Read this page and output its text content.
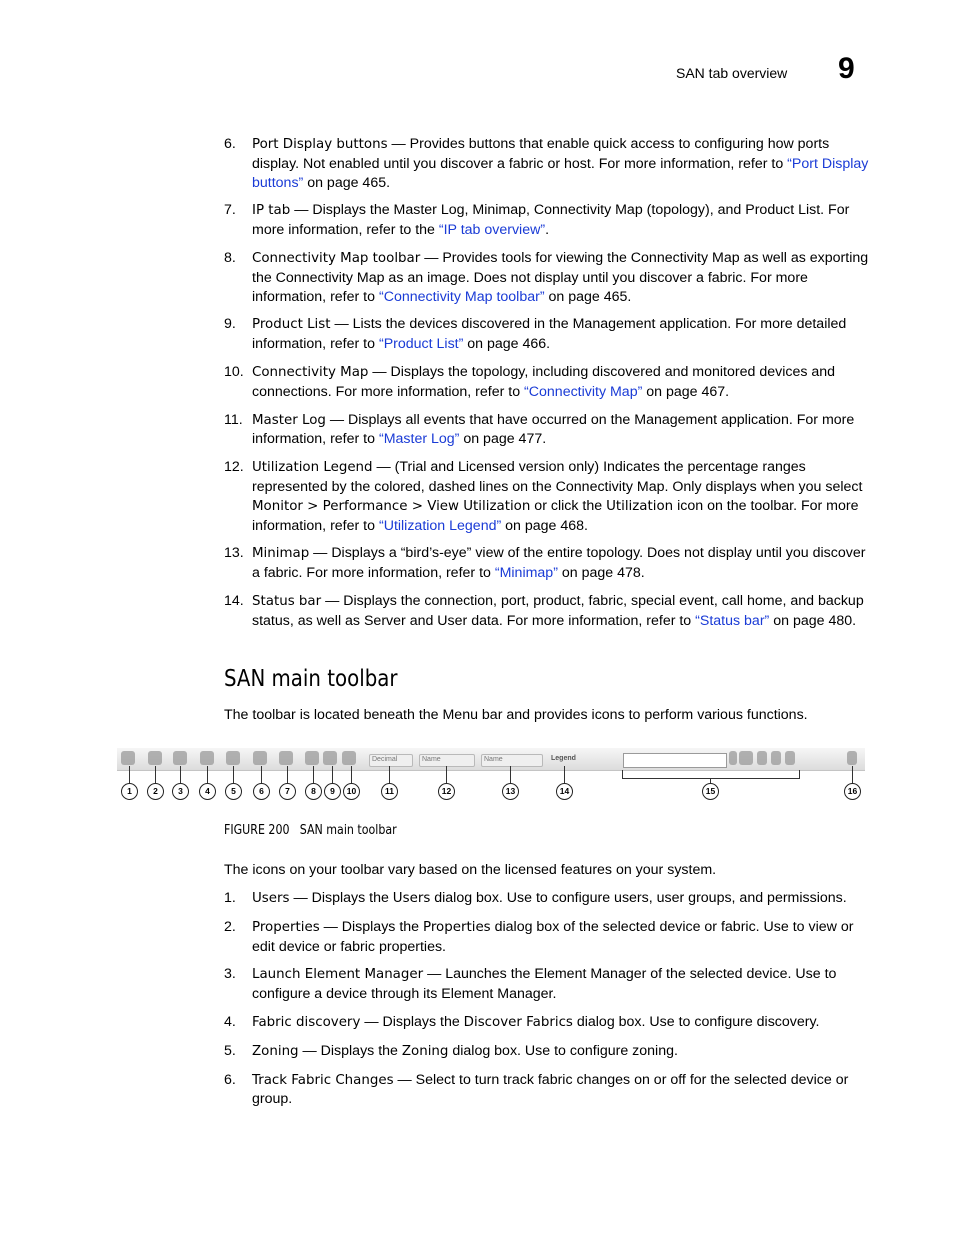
SAN tab overview 9
6. Port Display buttons — Provides buttons that enable quick access to configuring how ports display. Not enabled until you discover a fabric or host. For more information, refer to “Port Display buttons” on page 465.
7. IP tab — Displays the Master Log, Minimap, Connectivity Map (topology), and Product List. For more information, refer to the “IP tab overview”.
8. Connectivity Map toolbar — Provides tools for viewing the Connectivity Map as well as exporting the Connectivity Map as an image. Does not display until you discover a fabric. For more information, refer to “Connectivity Map toolbar” on page 465.
9. Product List — Lists the devices discovered in the Management application. For more detailed information, refer to “Product List” on page 466.
10. Connectivity Map — Displays the topology, including discovered and monitored devices and connections. For more information, refer to “Connectivity Map” on page 467.
11. Master Log — Displays all events that have occurred on the Management application. For more information, refer to “Master Log” on page 477.
12. Utilization Legend — (Trial and Licensed version only) Indicates the percentage ranges represented by the colored, dashed lines on the Connectivity Map. Only displays when you select Monitor > Performance > View Utilization or click the Utilization icon on the toolbar. For more information, refer to “Utilization Legend” on page 468.
13. Minimap — Displays a “bird’s-eye” view of the entire topology. Does not display until you discover a fabric. For more information, refer to “Minimap” on page 478.
14. Status bar — Displays the connection, port, product, fabric, special event, call home, and backup status, as well as Server and User data. For more information, refer to “Status bar” on page 480.
SAN main toolbar
The toolbar is located beneath the Menu bar and provides icons to perform various functions.
Decimal	Name	Name	Legend
1	2	3	4	5	6	7	8	9	10	11	12	13	14	15	16
FIGURE 200 SAN main toolbar
The icons on your toolbar vary based on the licensed features on your system.
1. Users — Displays the Users dialog box. Use to configure users, user groups, and permissions.
2. Properties — Displays the Properties dialog box of the selected device or fabric. Use to view or edit device or fabric properties.
3. Launch Element Manager — Launches the Element Manager of the selected device. Use to configure a device through its Element Manager.
4. Fabric discovery — Displays the Discover Fabrics dialog box. Use to configure discovery.
5. Zoning — Displays the Zoning dialog box. Use to configure zoning.
6. Track Fabric Changes — Select to turn track fabric changes on or off for the selected device or group.
